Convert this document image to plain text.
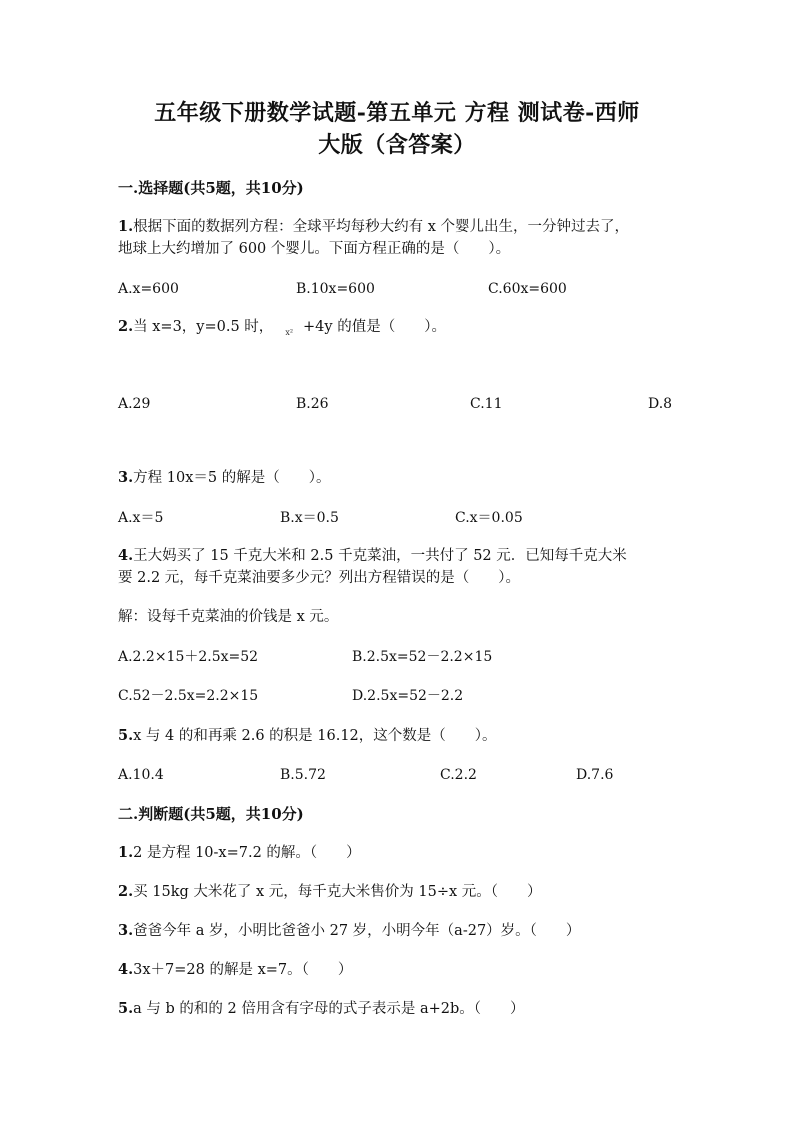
五年级下册数学试题-第五单元 方程 测试卷-西师
大版（含答案）
一.选择题(共5题，共10分)
1.根据下面的数据列方程：全球平均每秒大约有 x 个婴儿出生，一分钟过去了，
地球上大约增加了 600 个婴儿。下面方程正确的是（　　）。
A.x=600	B.10x=600	C.60x=600
2.当 x=3，y=0.5 时， x² +4y 的值是（　　）。
A.29	B.26	C.11	D.8
3.方程 10x＝5 的解是（　　）。
A.x＝5	B.x＝0.5	C.x＝0.05
4.王大妈买了 15 千克大米和 2.5 千克菜油，一共付了 52 元．已知每千克大米
要 2.2 元，每千克菜油要多少元？列出方程错误的是（　　）。
解：设每千克菜油的价钱是 x 元。
A.2.2×15＋2.5x=52	B.2.5x=52－2.2×15
C.52－2.5x=2.2×15	D.2.5x=52－2.2
5.x 与 4 的和再乘 2.6 的积是 16.12，这个数是（　　）。
A.10.4	B.5.72	C.2.2	D.7.6
二.判断题(共5题，共10分)
1.2 是方程 10-x=7.2 的解。（　　）
2.买 15kg 大米花了 x 元，每千克大米售价为 15÷x 元。（　　）
3.爸爸今年 a 岁，小明比爸爸小 27 岁，小明今年（a-27）岁。（　　）
4.3x＋7=28 的解是 x=7。（　　）
5.a 与 b 的和的 2 倍用含有字母的式子表示是 a+2b。（　　）
